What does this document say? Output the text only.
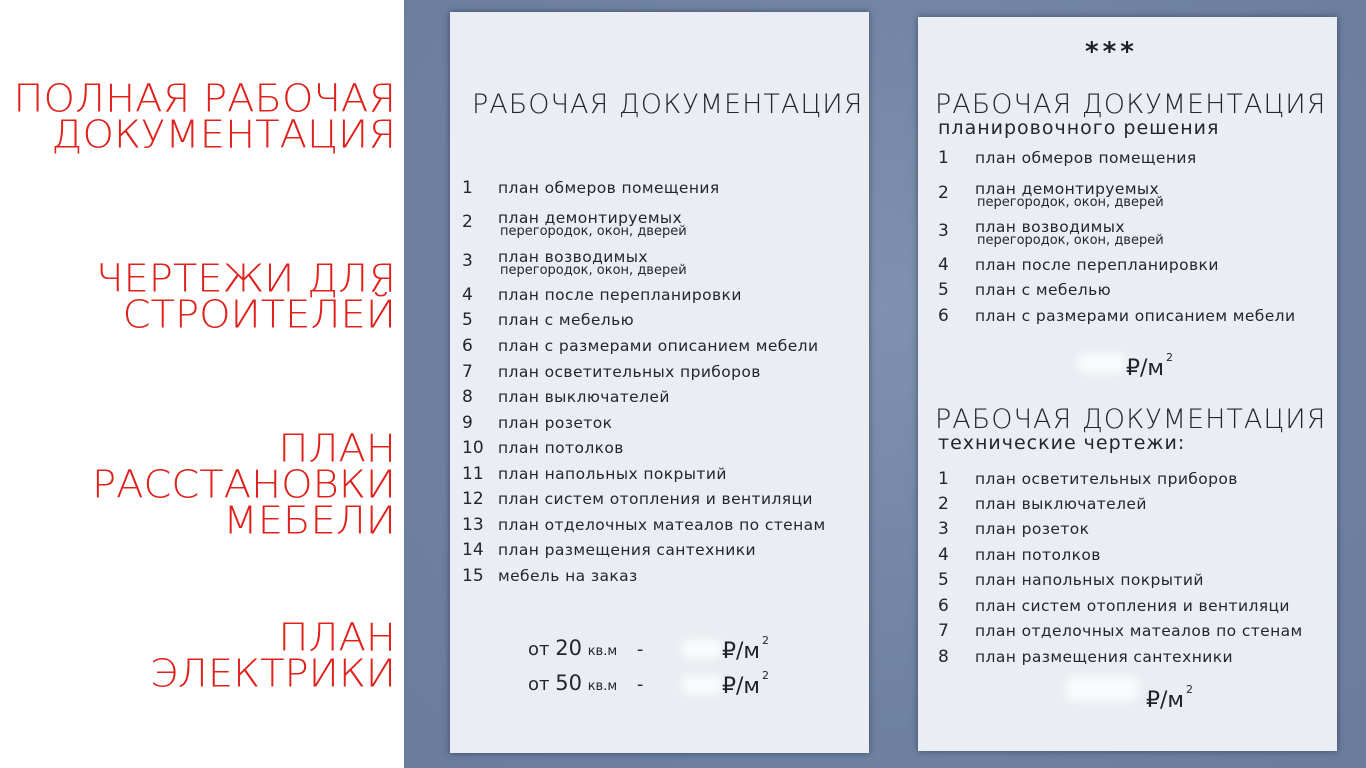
ПОЛНАЯ РАБОЧАЯ
ДОКУМЕНТАЦИЯ
ЧЕРТЕЖИ ДЛЯ
СТРОИТЕЛЕЙ
ПЛАН
РАССТАНОВКИ
МЕБЕЛИ
ПЛАН
ЭЛЕКТРИКИ
РАБОЧАЯ ДОКУМЕНТАЦИЯ
1 план обмеров помещения
2 план демонтируемых
перегородок, окон, дверей
3 план возводимых
перегородок, окон, дверей
4 план после перепланировки
5 план с мебелью
6 план с размерами описанием мебели
7 план осветительных приборов
8 план выключателей
9 план розеток
10 план потолков
11 план напольных покрытий
12 план систем отопления и вентиляци
13 план отделочных матеалов по стенам
14 план размещения сантехники
15 мебель на заказ
от 20 кв.м -	₽/м $^2$
от 50 кв.м -	₽/м $^2$
***
РАБОЧАЯ ДОКУМЕНТАЦИЯ
планировочного решения
1 план обмеров помещения
2 план демонтируемых
перегородок, окон, дверей
3 план возводимых
перегородок, окон, дверей
4 план после перепланировки
5 план с мебелью
6 план с размерами описанием мебели
₽/м $^2$
РАБОЧАЯ ДОКУМЕНТАЦИЯ
технические чертежи:
1 план осветительных приборов
2 план выключателей
3 план розеток
4 план потолков
5 план напольных покрытий
6 план систем отопления и вентиляци
7 план отделочных матеалов по стенам
8 план размещения сантехники
₽/м $^2$
